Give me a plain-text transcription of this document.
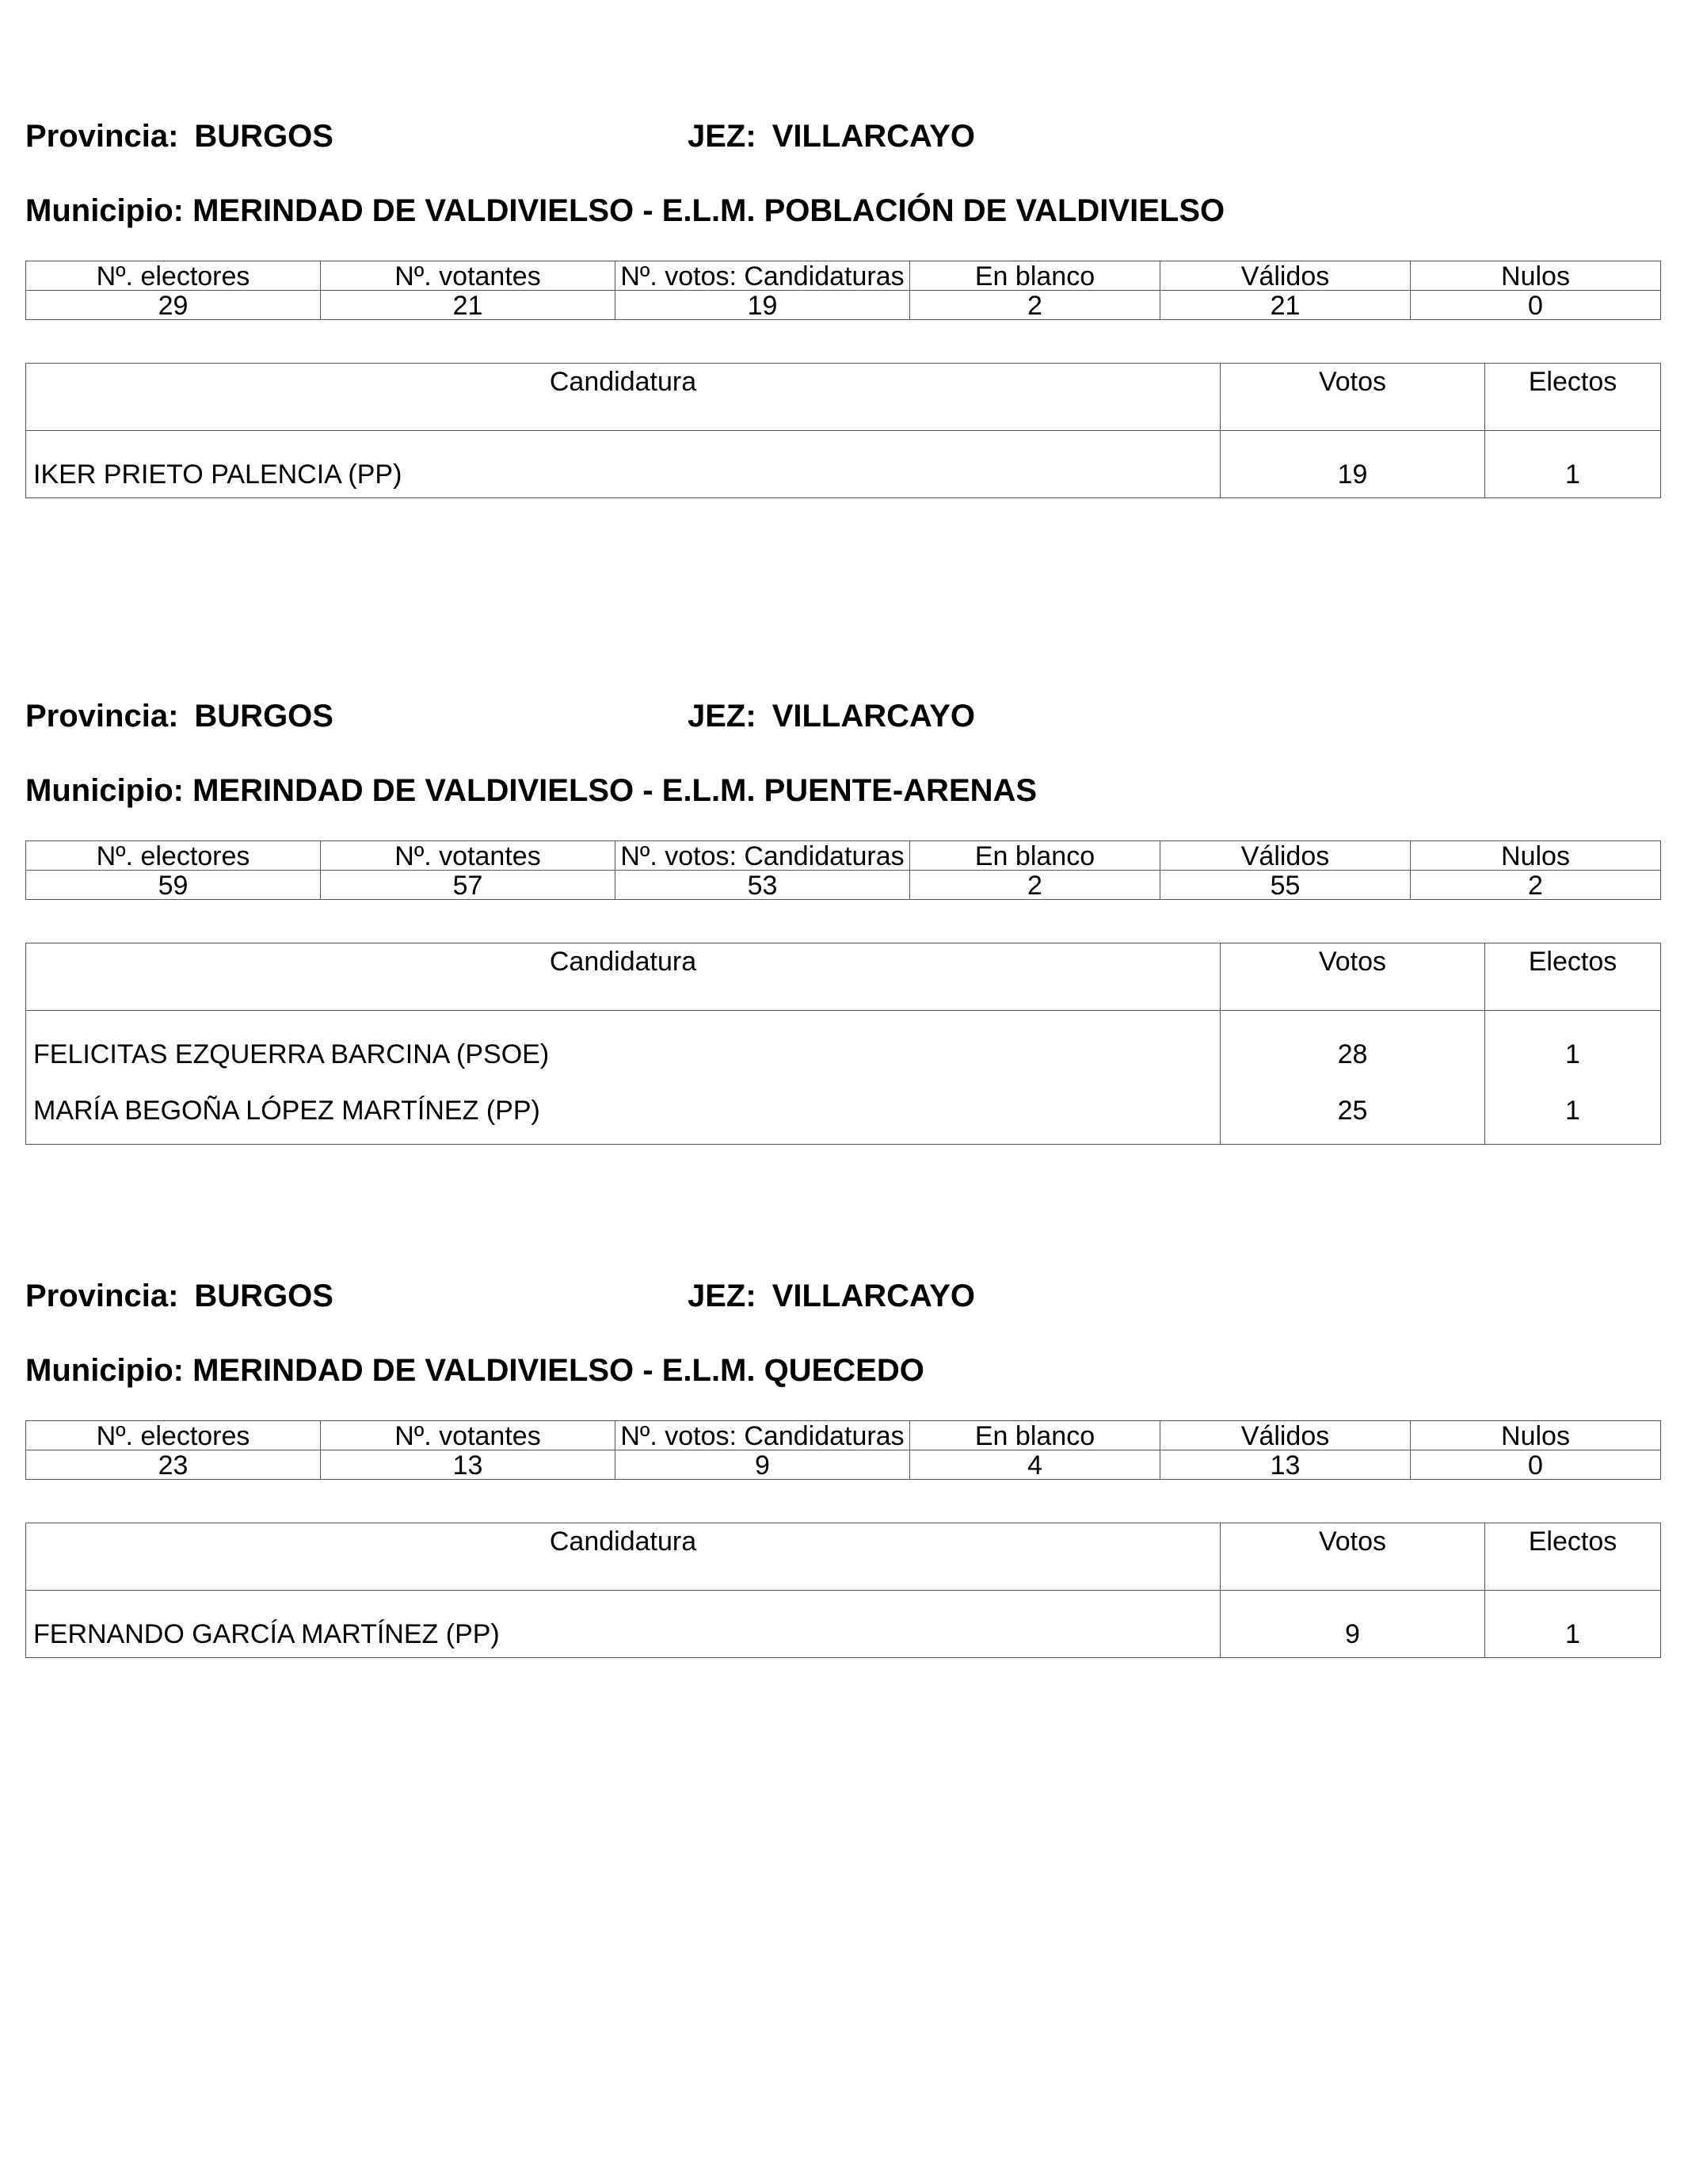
Provincia: BURGOS	JEZ: VILLARCAYO
Municipio: MERINDAD DE VALDIVIELSO - E.L.M. POBLACIÓN DE VALDIVIELSO
Nº. electores	Nº. votantes	Nº. votos: Candidaturas	En blanco	Válidos	Nulos
29	21	19	2	21	0
Candidatura	Votos	Electos
IKER PRIETO PALENCIA (PP)	19	1
Provincia: BURGOS	JEZ: VILLARCAYO
Municipio: MERINDAD DE VALDIVIELSO - E.L.M. PUENTE-ARENAS
Nº. electores	Nº. votantes	Nº. votos: Candidaturas	En blanco	Válidos	Nulos
59	57	53	2	55	2
Candidatura	Votos	Electos
FELICITAS EZQUERRA BARCINA (PSOE)	28	1
MARÍA BEGOÑA LÓPEZ MARTÍNEZ (PP)	25	1
Provincia: BURGOS	JEZ: VILLARCAYO
Municipio: MERINDAD DE VALDIVIELSO - E.L.M. QUECEDO
Nº. electores	Nº. votantes	Nº. votos: Candidaturas	En blanco	Válidos	Nulos
23	13	9	4	13	0
Candidatura	Votos	Electos
FERNANDO GARCÍA MARTÍNEZ (PP)	9	1
